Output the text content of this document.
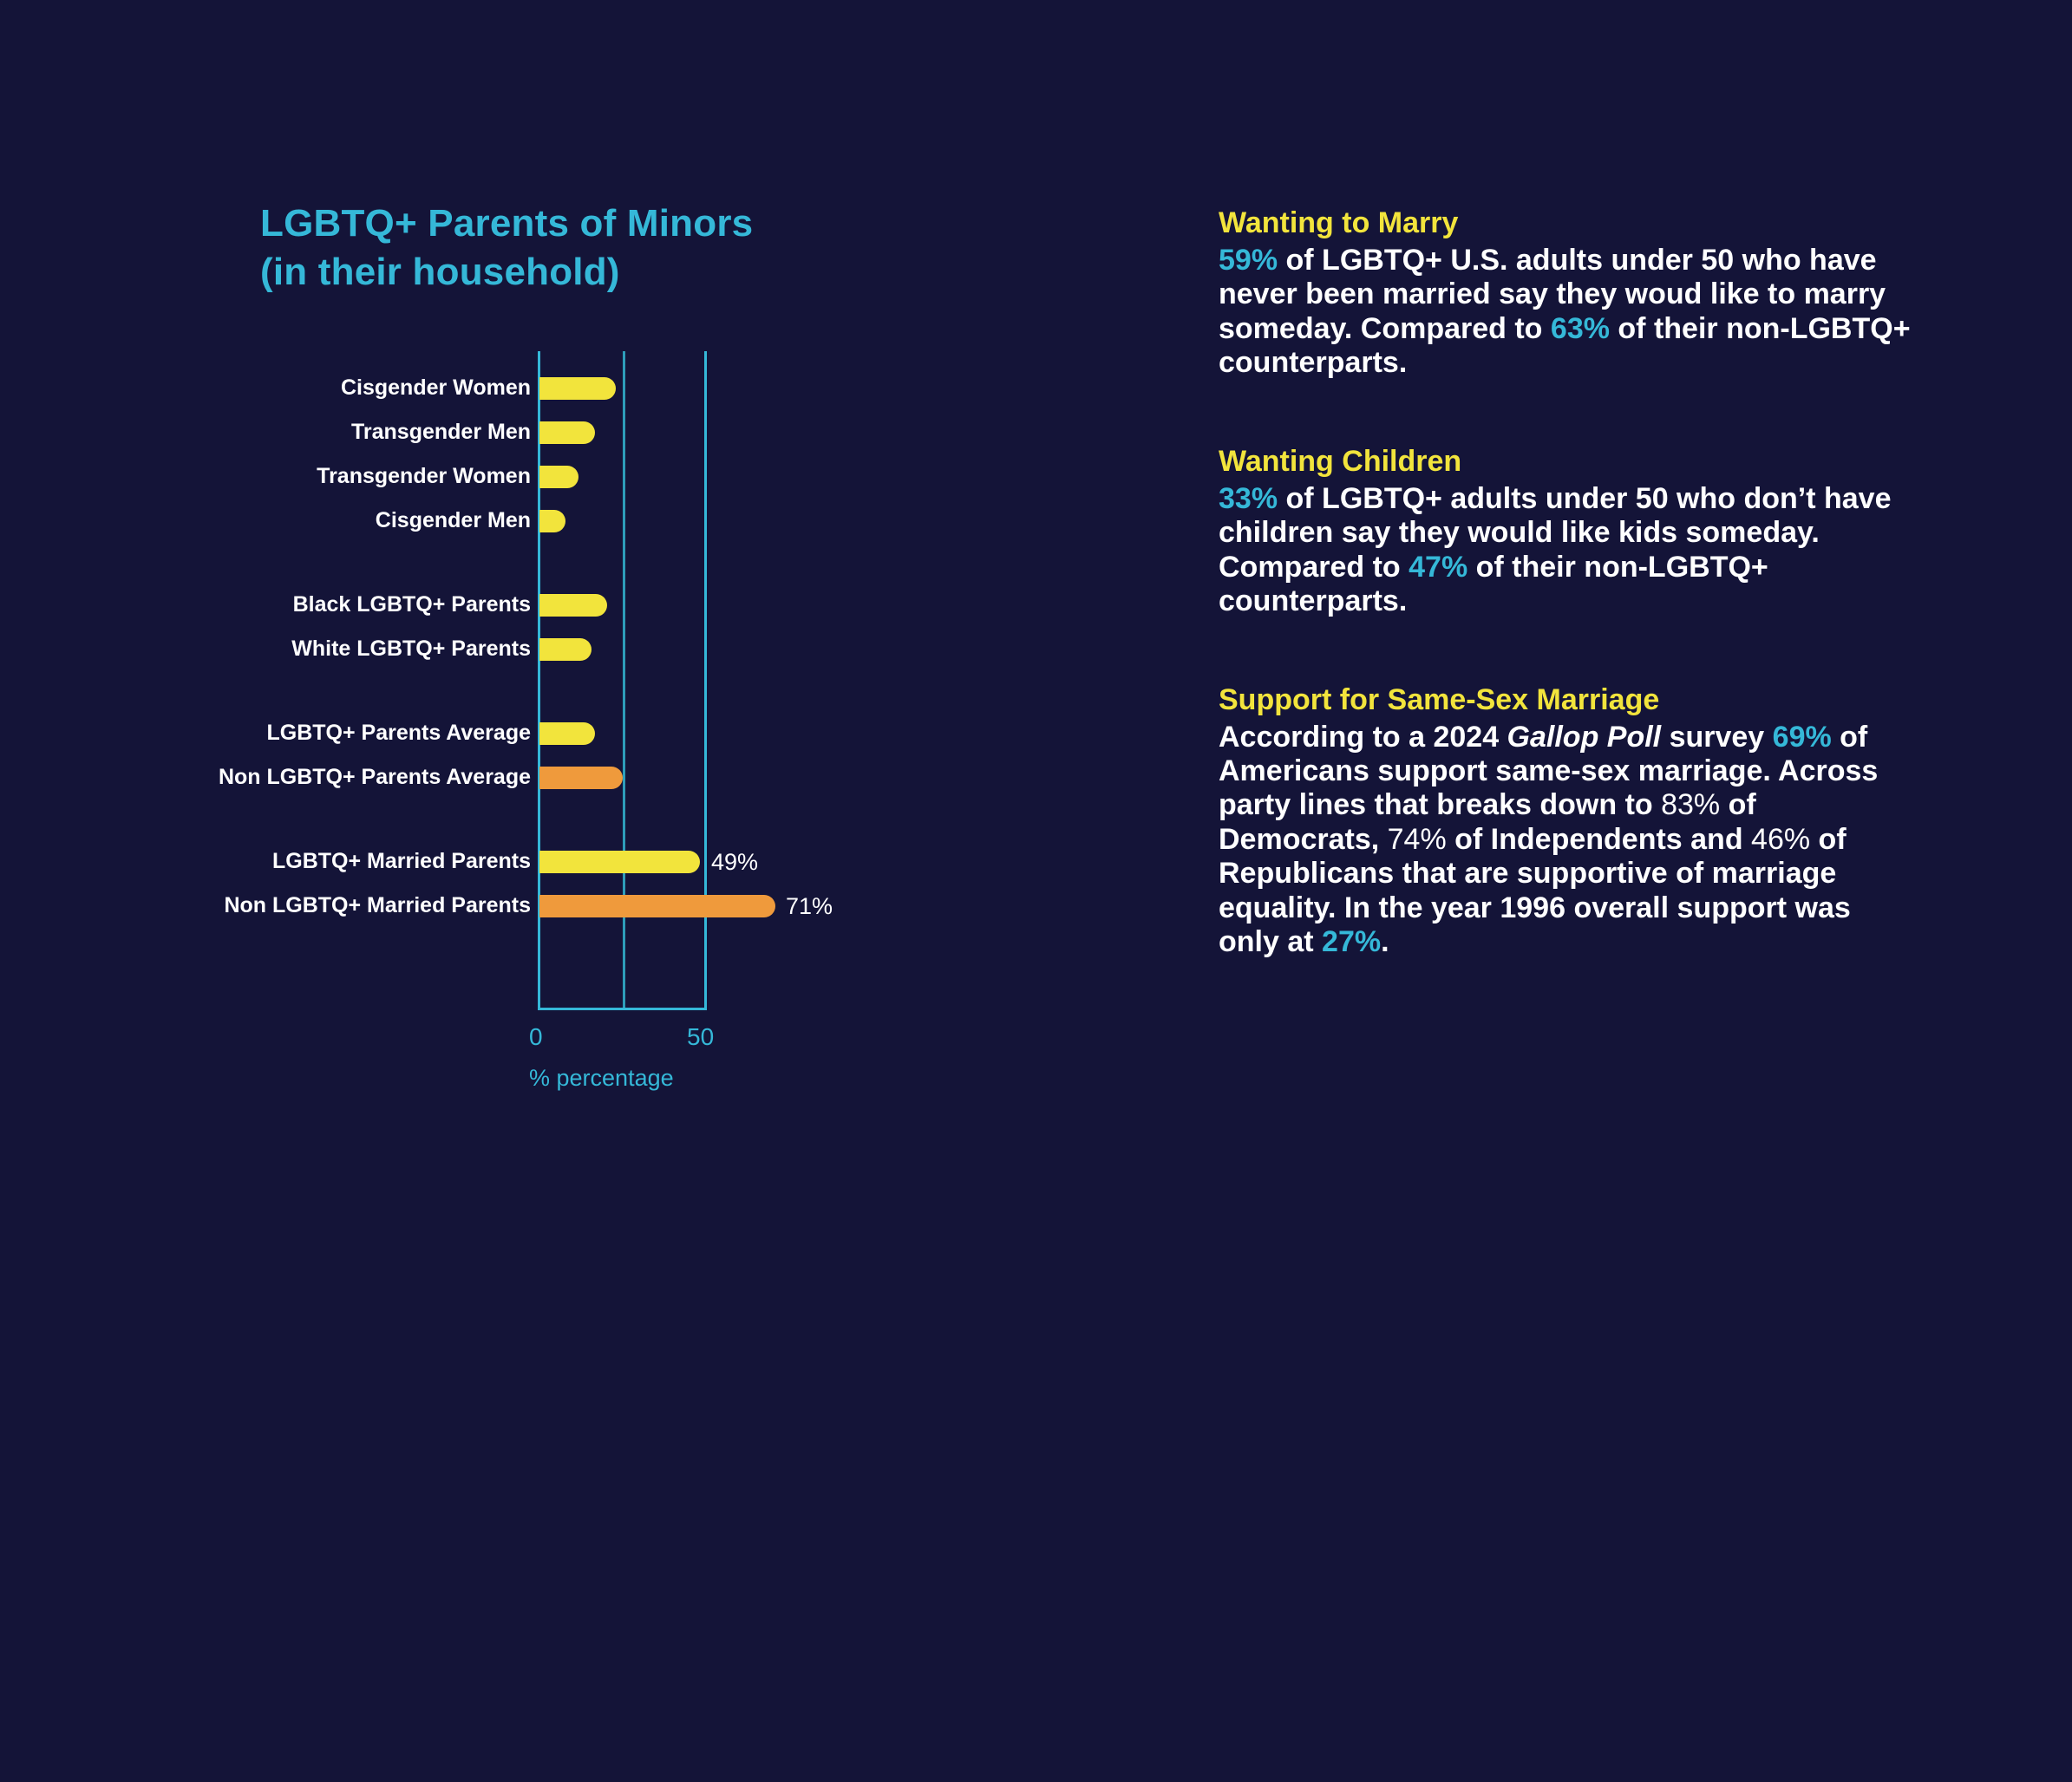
LGBTQ+ Parents of Minors
(in their household)
Cisgender Women
Transgender Men
Transgender Women
Cisgender Men
Black LGBTQ+ Parents
White LGBTQ+ Parents
LGBTQ+ Parents Average
Non LGBTQ+ Parents Average
LGBTQ+ Married Parents	49%
Non LGBTQ+ Married Parents	71%
0	50
% percentage
Wanting to Marry
59% of LGBTQ+ U.S. adults under 50 who have never been married say they woud like to marry someday. Compared to 63% of their non-LGBTQ+ counterparts.
Wanting Children
33% of LGBTQ+ adults under 50 who don’t have children say they would like kids someday. Compared to 47% of their non-LGBTQ+ counterparts.
Support for Same-Sex Marriage
According to a 2024 Gallop Poll survey 69% of Americans support same-sex marriage. Across party lines that breaks down to 83% of Democrats, 74% of Independents and 46% of Republicans that are supportive of marriage equality. In the year 1996 overall support was only at 27%.
